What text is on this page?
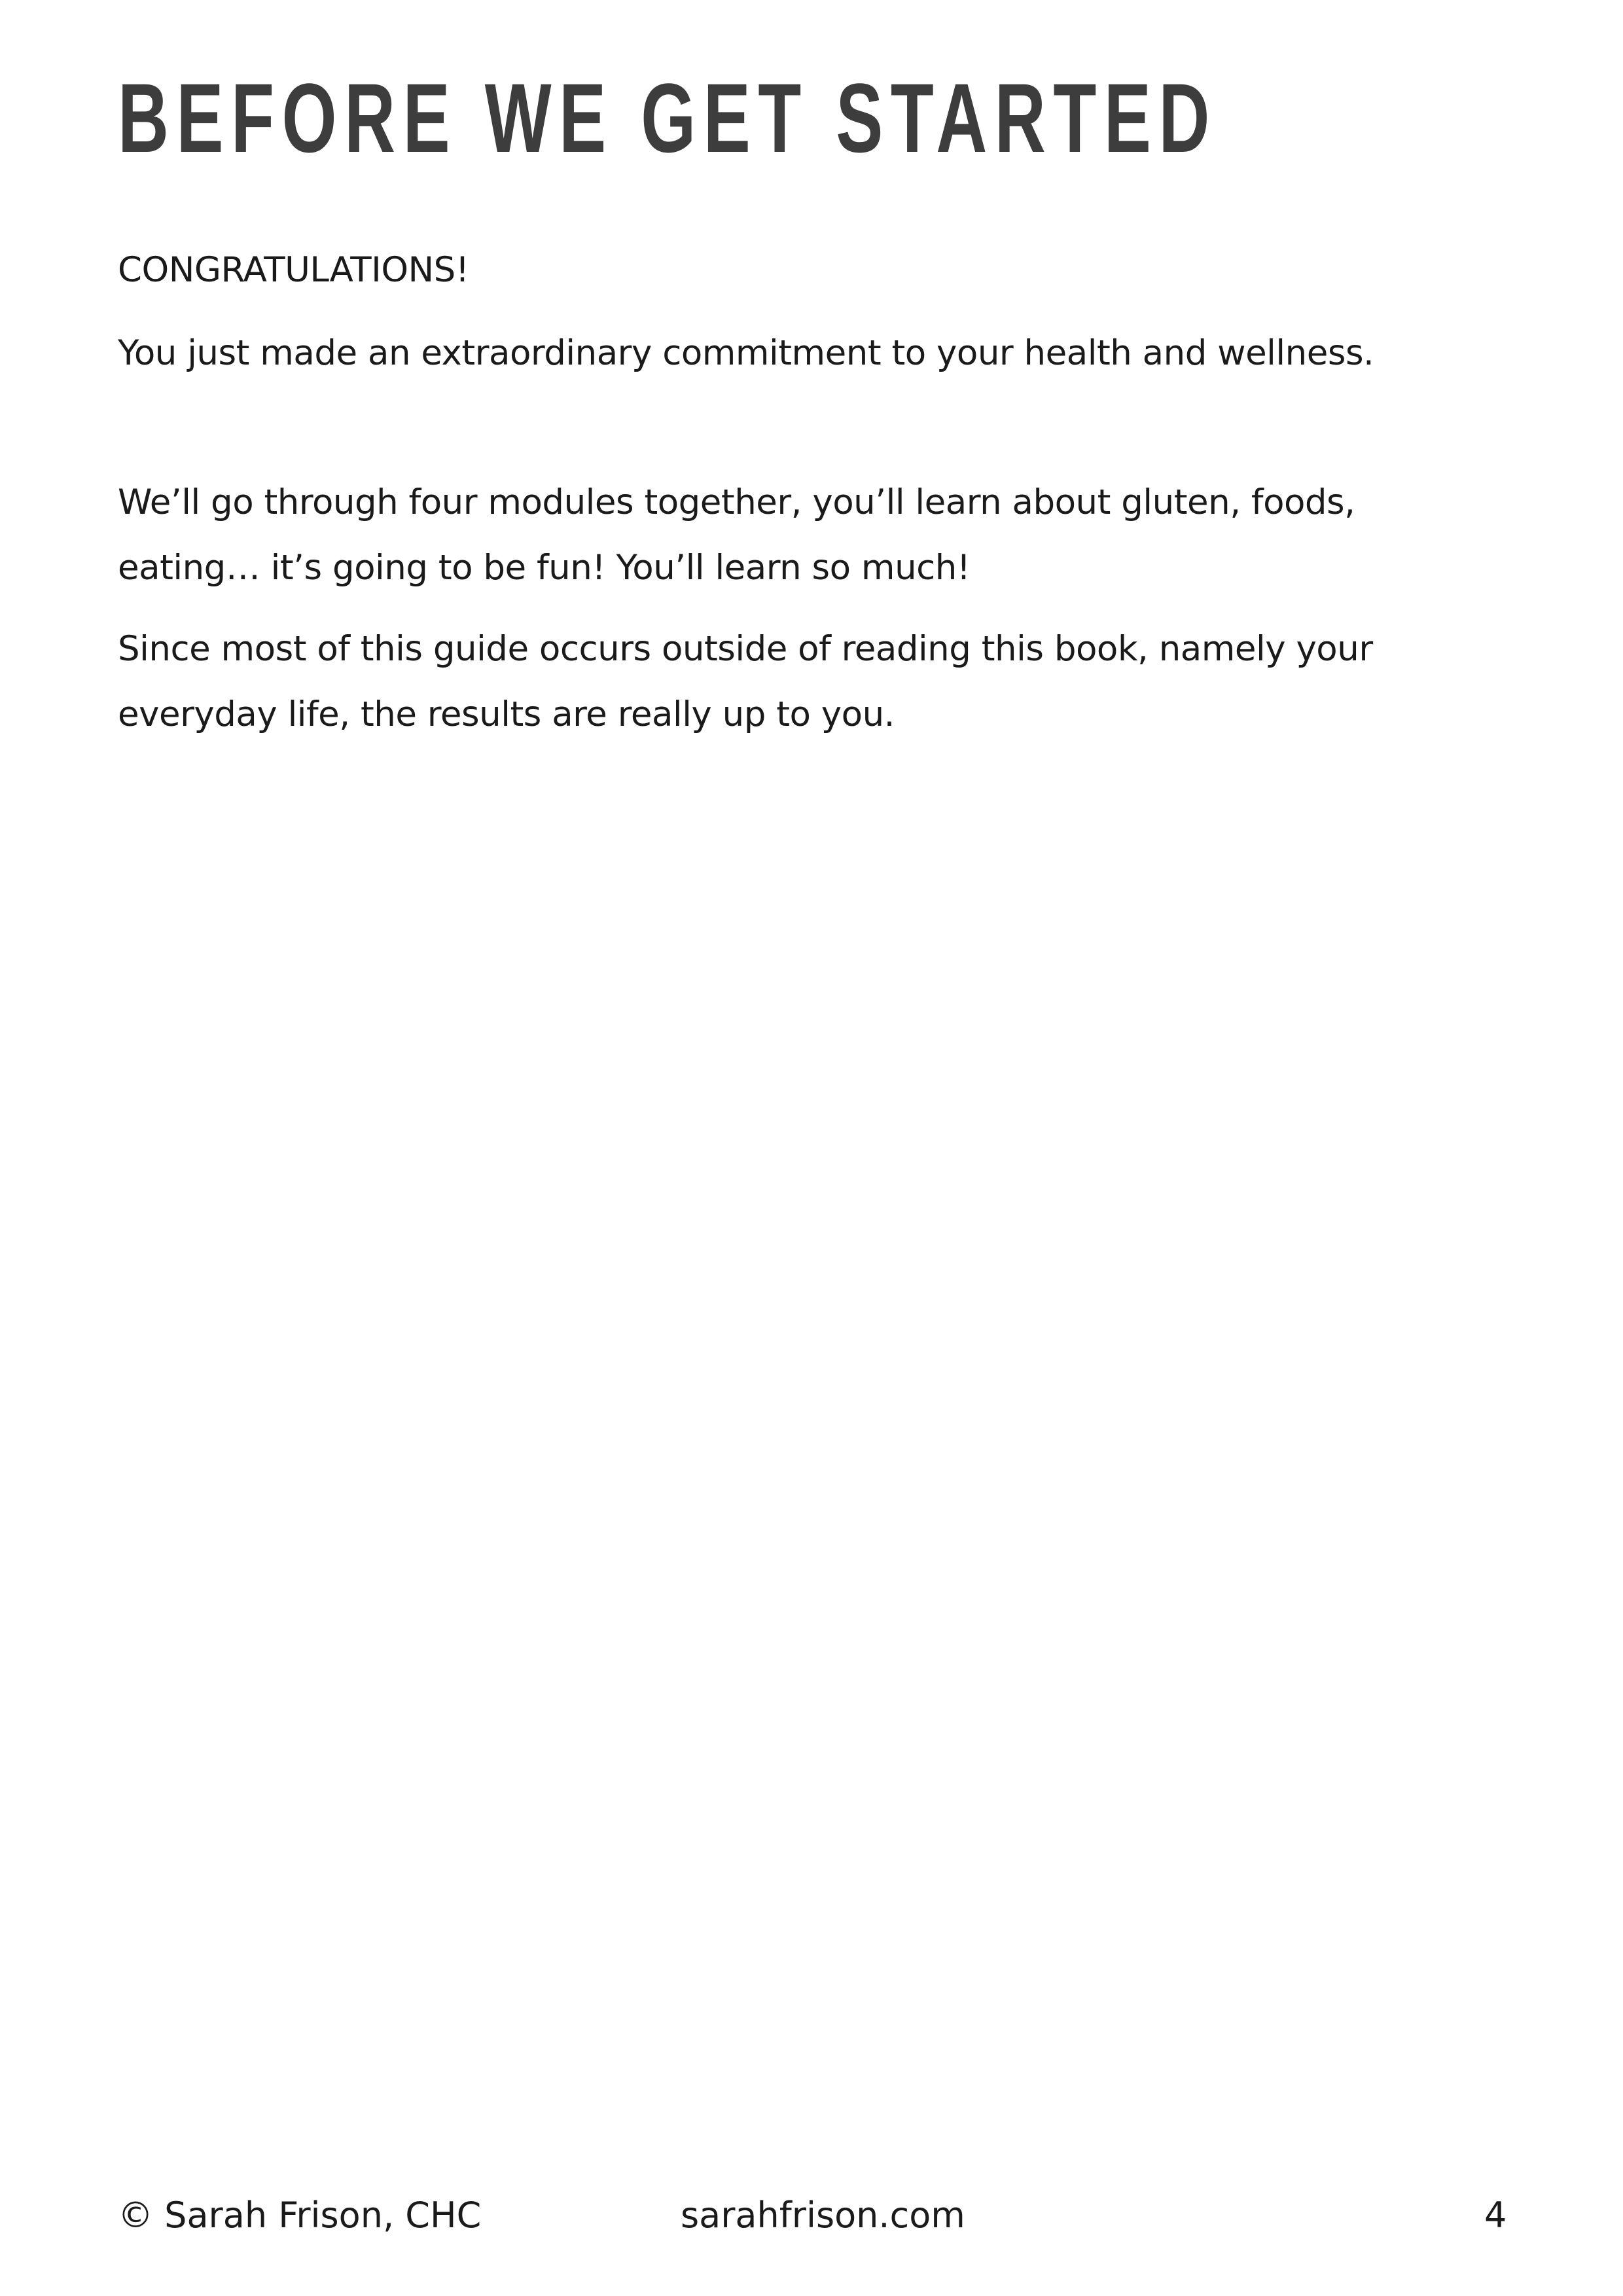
BEFORE WE GET STARTED

CONGRATULATIONS!

You just made an extraordinary commitment to your health and wellness.

We’ll go through four modules together, you’ll learn about gluten, foods, eating… it’s going to be fun! You’ll learn so much!

Since most of this guide occurs outside of reading this book, namely your everyday life, the results are really up to you.

© Sarah Frison, CHC	sarahfrison.com	4
